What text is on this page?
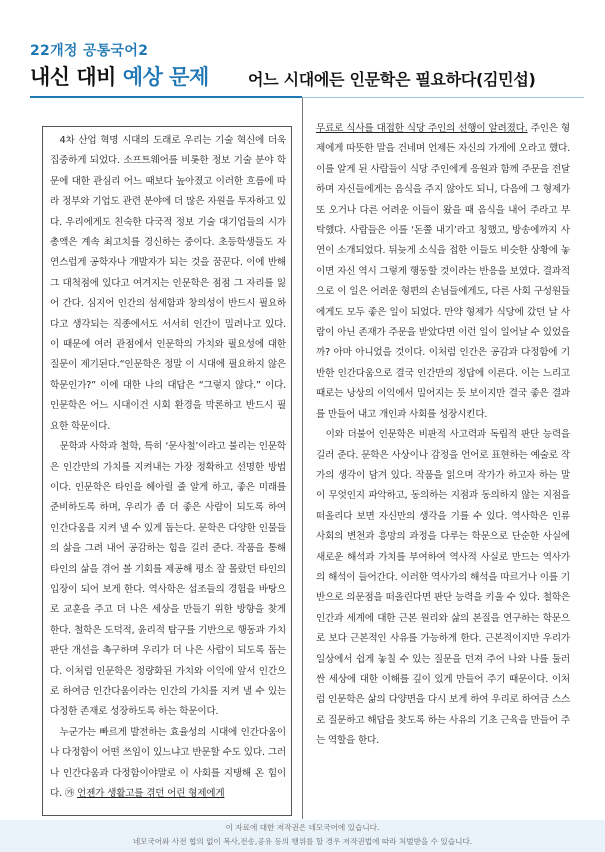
22개정 공통국어2
내신 대비 예상 문제 어느 시대에든 인문학은 필요하다(김민섭)

4차 산업 혁명 시대의 도래로 우리는 기술 혁신에 더욱 집중하게 되었다. 소프트웨어를 비롯한 정보 기술 분야 학문에 대한 관심리 어느 때보다 높아졌고 이러한 흐름에 따라 정부와 기업도 관련 분야에 더 많은 자원을 투자하고 있다. 우리에게도 친숙한 다국적 정보 기술 대기업들의 시가 총액은 계속 최고치를 경신하는 중이다. 초등학생들도 자연스럽게 공학자나 개발자가 되는 것을 꿈꾼다. 이에 반해 그 대척점에 있다고 여겨지는 인문학은 점점 그 자리를 잃어 간다. 심지어 인간의 섬세함과 창의성이 반드시 필요하다고 생각되는 직종에서도 서서히 인간이 밀려나고 있다. 이 때문에 여러 관점에서 인문학의 가치와 필요성에 대한 질문이 제기된다.“인문학은 정말 이 시대에 필요하지 않은 학문인가?” 이에 대한 나의 대답은 “그렇지 않다.” 이다. 인문학은 어느 시대이건 시회 환경을 막론하고 반드시 필요한 학문이다.

문학과 사학과 철학, 특히 ‘문사철’이라고 불리는 인문학은 인간만의 가치를 지켜내는 가장 정확하고 선명한 방법이다. 인문학은 타인을 헤아릴 줄 알게 하고, 좋은 미래를 준비하도록 하며, 우리가 좀 더 좋은 사람이 되도록 하여 인간다움을 지켜 낼 수 있게 돕는다. 문학은 다양한 인물들의 삶을 그려 내어 공감하는 힘을 길러 준다. 작품을 통해 타인의 삶을 겪어 볼 기회를 제공해 평소 잘 몰랐던 타인의 입장이 되어 보게 한다. 역사학은 섭조들의 경험을 바탕으로 교훈을 주고 더 나은 세상을 만들기 위한 방향을 찾게 한다. 철학은 도덕적, 윤리적 탐구를 기반으로 행동과 가치 판단 개선을 촉구하며 우리가 더 나은 사람이 되도록 돕는다. 이처럼 인문학은 정량화된 가치와 이익에 앞서 인간으로 하여금 인간다움이라는 인간의 가치를 지켜 낼 수 있는 다정한 존재로 성장하도록 하는 학문이다.

누군가는 빠르게 발전하는 효율성의 시대에 인간다움이나 다정함이 어떤 쓰임이 있느냐고 반문할 수도 있다. 그러나 인간다움과 다정함이야말로 이 사회를 지탱해 온 힘이다. ㉮ 언젠가 생활고를 겪던 어린 형제에게

무료로 식사를 대접한 식당 주인의 선행이 알려졌다. 주인은 형제에게 따뜻한 말을 건네며 언제든 자신의 가게에 오라고 했다. 이를 알게 된 사람들이 식당 주인에게 응원과 함께 주문을 전달하며 자신들에게는 음식을 주지 않아도 되니, 다음에 그 형제가 또 오거나 다른 어려운 이들이 왔을 때 음식을 내어 주라고 부탁했다. 사람들은 이를 ‘돈쭐 내기’라고 칭했고, 방송에까지 사연이 소개되었다. 뒤늦게 소식을 접한 이들도 비슷한 상황에 놓이면 자신 역시 그렇게 행동할 것이라는 반응을 보였다. 결과적으로 이 일은 어려운 형편의 손님들에게도, 다른 사회 구성원들에게도 모두 좋은 일이 되었다. 만약 형제가 식당에 갔던 날 사람이 아닌 존재가 주문을 받았다면 이런 일이 일어날 수 있었을까? 아마 아니었을 것이다. 이처럼 인간은 공감과 다정함에 기반한 인간다움으로 결국 인간만의 정답에 이른다. 이는 느리고 때로는 낭상의 이익에서 밀어지는 듯 보이지만 결국 좋은 결과를 만들어 내고 개인과 사회를 성장시킨다.

이와 더불어 인문학은 비판적 사고력과 독립적 판단 능력을 길러 준다. 문학은 사상이나 감정을 언어로 표현하는 예술로 작가의 생각이 담겨 있다. 작품을 읽으며 작가가 하고자 하는 말이 무엇인지 파악하고, 동의하는 지점과 동의하지 않는 지점을 떠올리다 보면 자신만의 생각을 기를 수 있다. 역사학은 인류 사회의 변천과 흥망의 과정을 다루는 학문으로 단순한 사실에 새로운 해석과 가치를 부여하여 역사적 사실로 만드는 역사가의 해석이 들어간다. 이러한 역사가의 해석을 따르거나 이를 기반으로 의문점을 떠올린다면 판단 능력을 키울 수 있다. 철학은 인간과 세계에 대한 근본 원리와 삶의 본질을 연구하는 학문으로 보다 근본적인 사유를 가능하게 한다. 근본적이지만 우리가 일상에서 쉽게 놓칠 수 있는 질문을 던져 주어 나와 나를 둘러싼 세상에 대한 이해를 깊이 있게 만들어 주기 때문이다. 이처럼 인문학은 삶의 다양면을 다시 보게 하여 우리로 하여금 스스로 질문하고 해답을 찾도록 하는 사유의 기초 근육을 만들어 주는 역할을 한다.

이 자료에 대한 저작권은 네모국어에 있습니다.
네모국어와 사전 협의 없이 복사,전송,공유 등의 행위를 할 경우 저작권법에 따라 처벌받을 수 있습니다.
